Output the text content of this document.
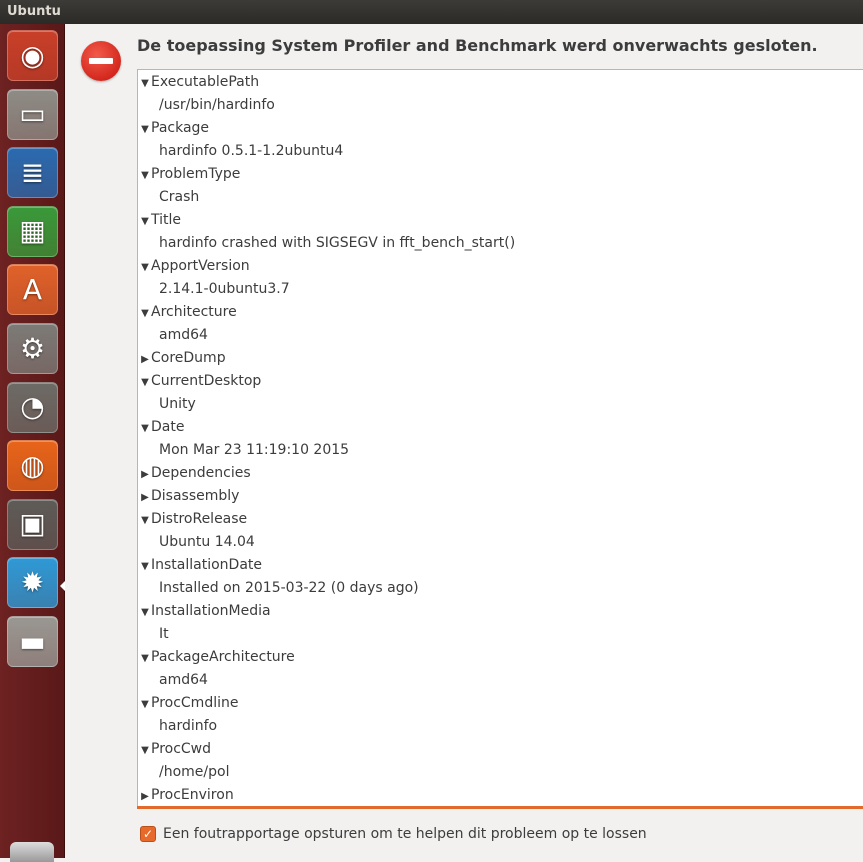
Ubuntu
◉
▭
≣
▦
A
⚙
◔
◍
▣
✹
▬
De toepassing System Profiler and Benchmark werd onverwachts gesloten.
▼ ExecutablePath
/usr/bin/hardinfo
▼ Package
hardinfo 0.5.1-1.2ubuntu4
▼ ProblemType
Crash
▼ Title
hardinfo crashed with SIGSEGV in fft_bench_start()
▼ ApportVersion
2.14.1-0ubuntu3.7
▼ Architecture
amd64
▶ CoreDump
▼ CurrentDesktop
Unity
▼ Date
Mon Mar 23 11:19:10 2015
▶ Dependencies
▶ Disassembly
▼ DistroRelease
Ubuntu 14.04
▼ InstallationDate
Installed on 2015-03-22 (0 days ago)
▼ InstallationMedia
It
▼ PackageArchitecture
amd64
▼ ProcCmdline
hardinfo
▼ ProcCwd
/home/pol
▶ ProcEnviron
✓ Een foutrapportage opsturen om te helpen dit probleem op te lossen
